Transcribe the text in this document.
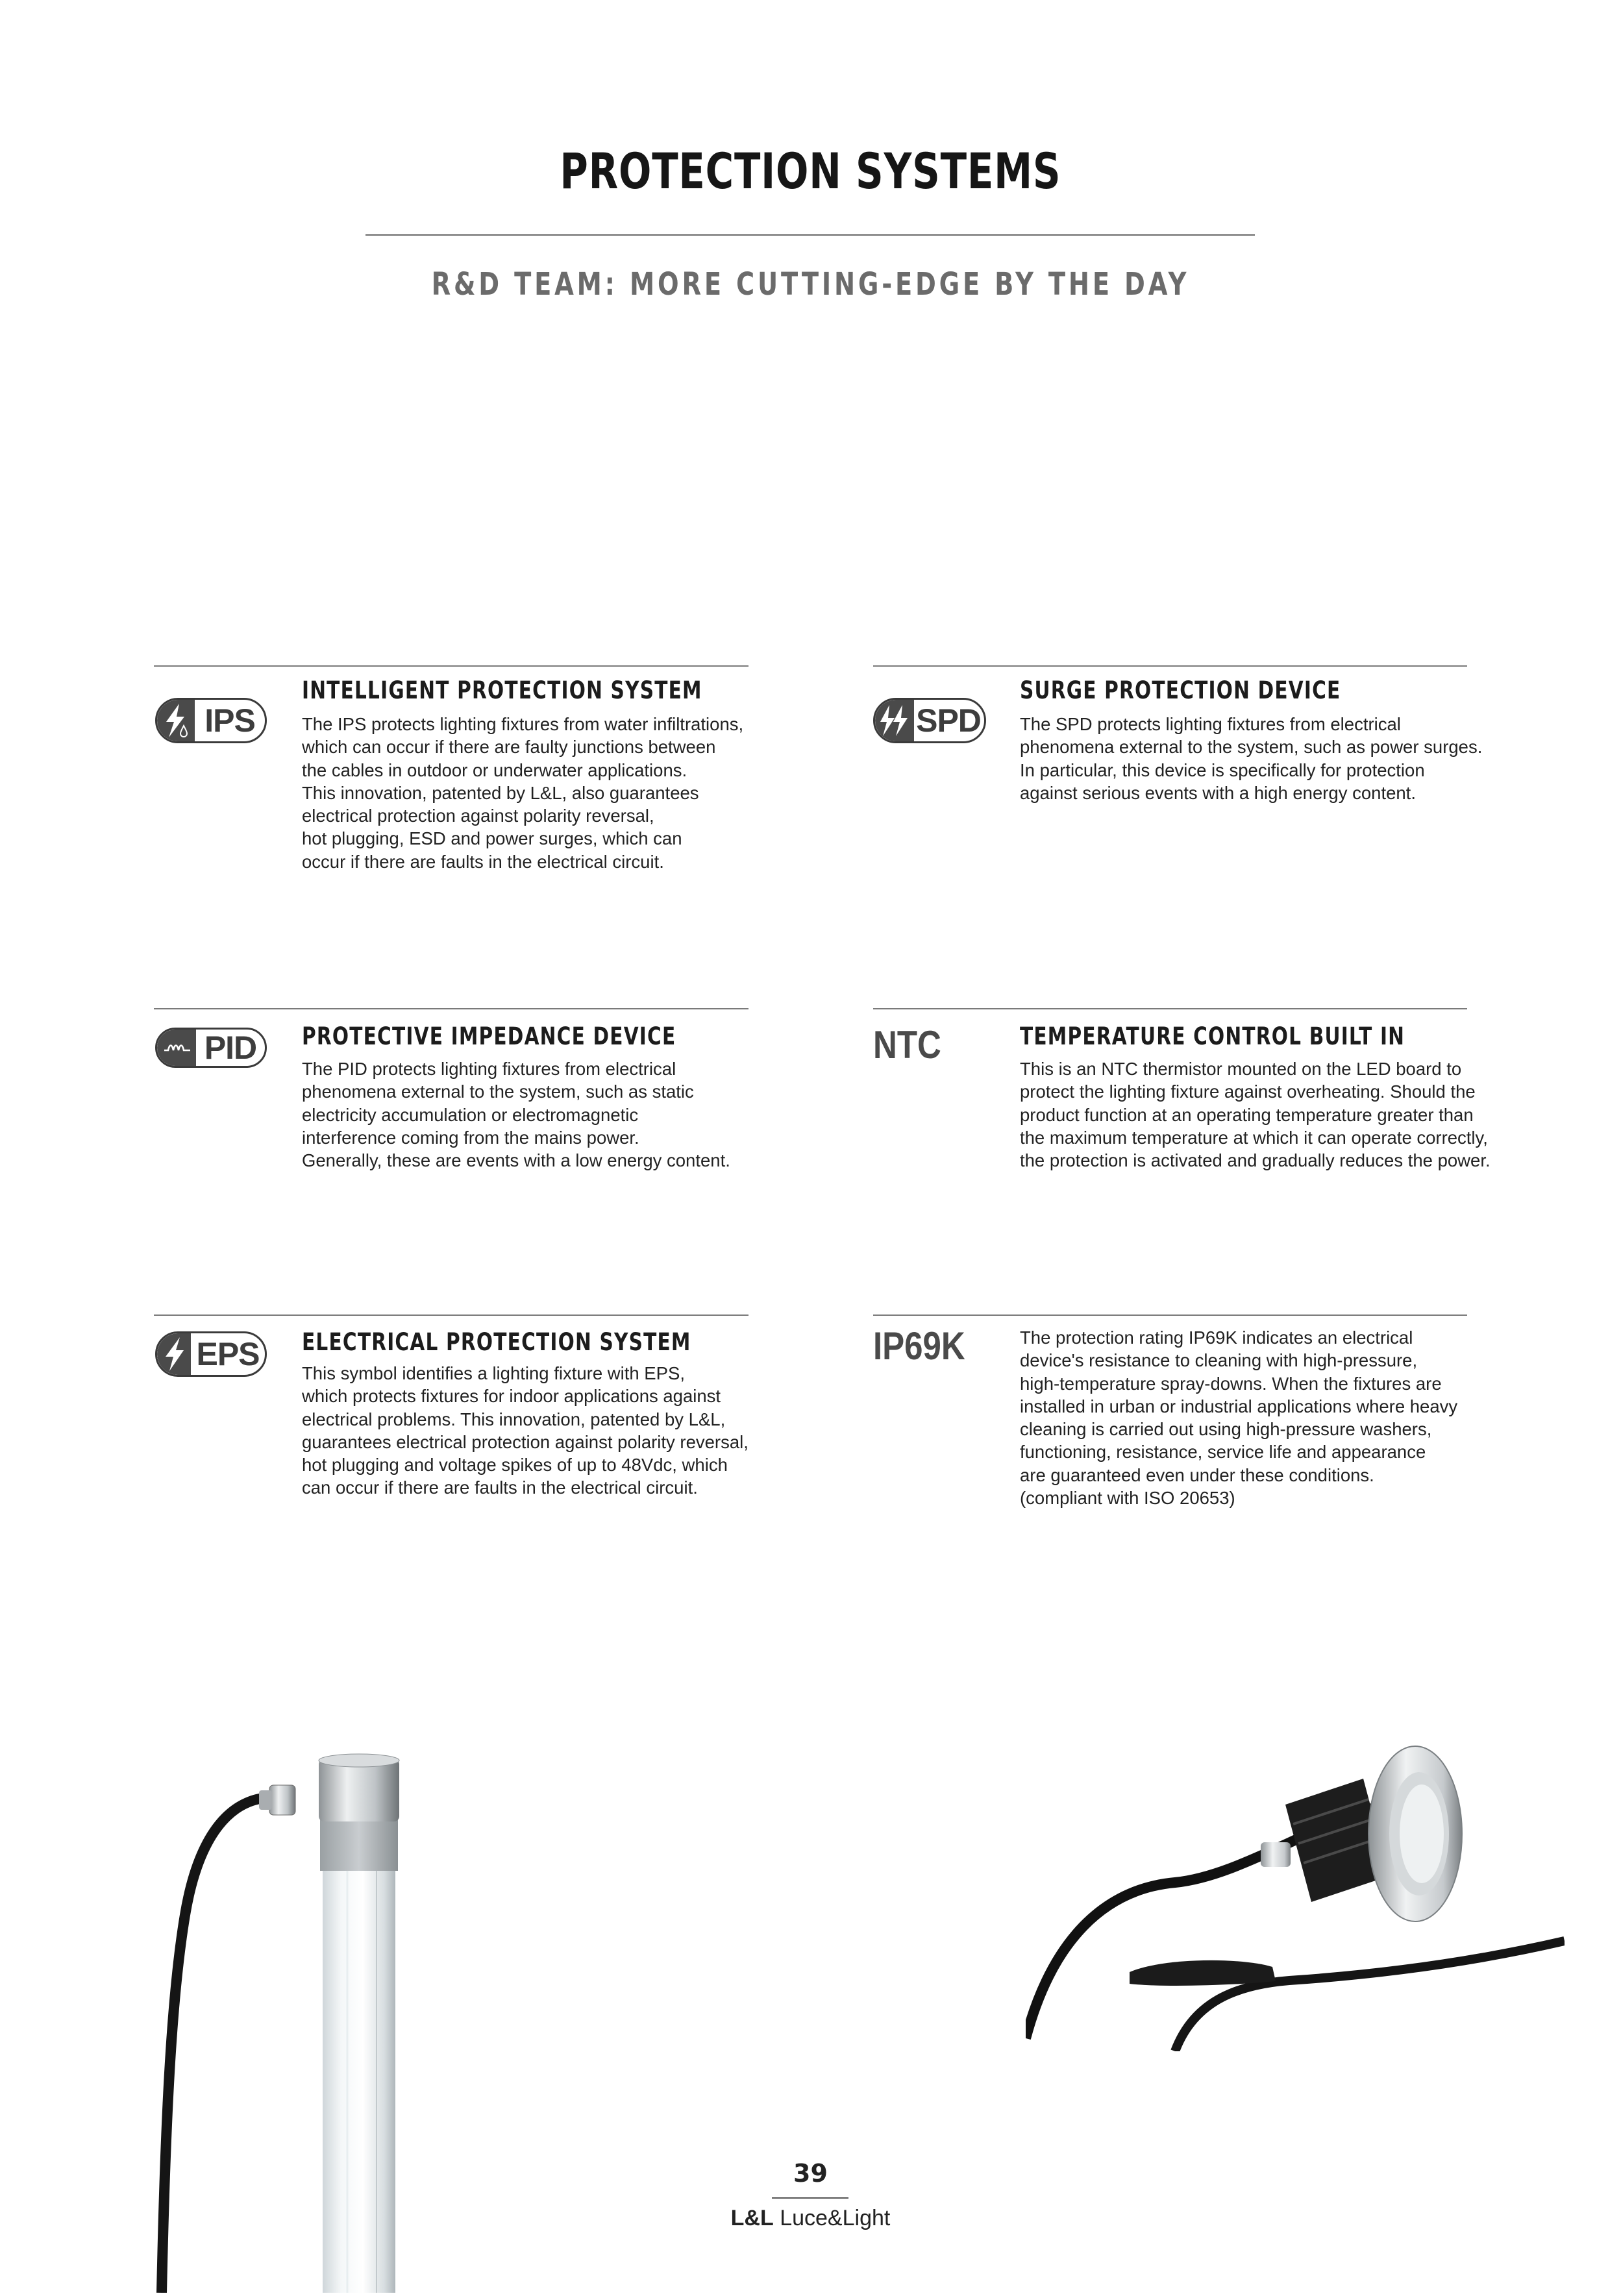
PROTECTION SYSTEMS
R&D TEAM: MORE CUTTING-EDGE BY THE DAY
IPS
INTELLIGENT PROTECTION SYSTEM
The IPS protects lighting fixtures from water infiltrations,
which can occur if there are faulty junctions between
the cables in outdoor or underwater applications.
This innovation, patented by L&L, also guarantees
electrical protection against polarity reversal,
hot plugging, ESD and power surges, which can
occur if there are faults in the electrical circuit.
SPD
SURGE PROTECTION DEVICE
The SPD protects lighting fixtures from electrical
phenomena external to the system, such as power surges.
In particular, this device is specifically for protection
against serious events with a high energy content.
PID	PROTECTIVE IMPEDANCE DEVICE
The PID protects lighting fixtures from electrical
phenomena external to the system, such as static
electricity accumulation or electromagnetic
interference coming from the mains power.
Generally, these are events with a low energy content.
NTC	TEMPERATURE CONTROL BUILT IN
This is an NTC thermistor mounted on the LED board to
protect the lighting fixture against overheating. Should the
product function at an operating temperature greater than
the maximum temperature at which it can operate correctly,
the protection is activated and gradually reduces the power.
EPS ELECTRICAL PROTECTION SYSTEM
This symbol identifies a lighting fixture with EPS,
which protects fixtures for indoor applications against
electrical problems. This innovation, patented by L&L,
guarantees electrical protection against polarity reversal,
hot plugging and voltage spikes of up to 48Vdc, which
can occur if there are faults in the electrical circuit.
IP69K	The protection rating IP69K indicates an electrical
device's resistance to cleaning with high-pressure,
high-temperature spray-downs. When the fixtures are
installed in urban or industrial applications where heavy
cleaning is carried out using high-pressure washers,
functioning, resistance, service life and appearance
are guaranteed even under these conditions.
(compliant with ISO 20653)
39
L&L Luce&Light
